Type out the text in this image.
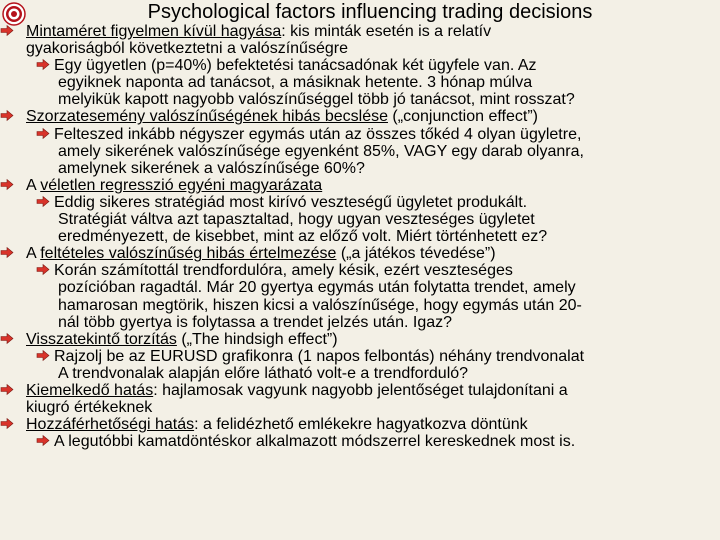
Psychological factors influencing trading decisions
Mintaméret figyelmen kívül hagyása: kis minták esetén is a relatív
gyakoriságból következtetni a valószínűségre
Egy ügyetlen (p=40%) befektetési tanácsadónak két ügyfele van. Az
egyiknek naponta ad tanácsot, a másiknak hetente. 3 hónap múlva
melyikük kapott nagyobb valószínűséggel több jó tanácsot, mint rosszat?
Szorzatesemény valószínűségének hibás becslése („conjunction effect”)
Felteszed inkább négyszer egymás után az összes tőkéd 4 olyan ügyletre,
amely sikerének valószínűsége egyenként 85%, VAGY egy darab olyanra,
amelynek sikerének a valószínűsége 60%?
A véletlen regresszió egyéni magyarázata
Eddig sikeres stratégiád most kirívó veszteségű ügyletet produkált.
Stratégiát váltva azt tapasztaltad, hogy ugyan veszteséges ügyletet
eredményezett, de kisebbet, mint az előző volt. Miért történhetett ez?
A feltételes valószínűség hibás értelmezése („a játékos tévedése”)
Korán számítottál trendfordulóra, amely késik, ezért veszteséges
pozícióban ragadtál. Már 20 gyertya egymás után folytatta trendet, amely
hamarosan megtörik, hiszen kicsi a valószínűsége, hogy egymás után 20-
nál több gyertya is folytassa a trendet jelzés után. Igaz?
Visszatekintő torzítás („The hindsigh effect”)
Rajzolj be az EURUSD grafikonra (1 napos felbontás) néhány trendvonalat
A trendvonalak alapján előre látható volt-e a trendforduló?
Kiemelkedő hatás: hajlamosak vagyunk nagyobb jelentőséget tulajdonítani a
kiugró értékeknek
Hozzáférhetőségi hatás: a felidézhető emlékekre hagyatkozva döntünk
A legutóbbi kamatdöntéskor alkalmazott módszerrel kereskednek most is.
